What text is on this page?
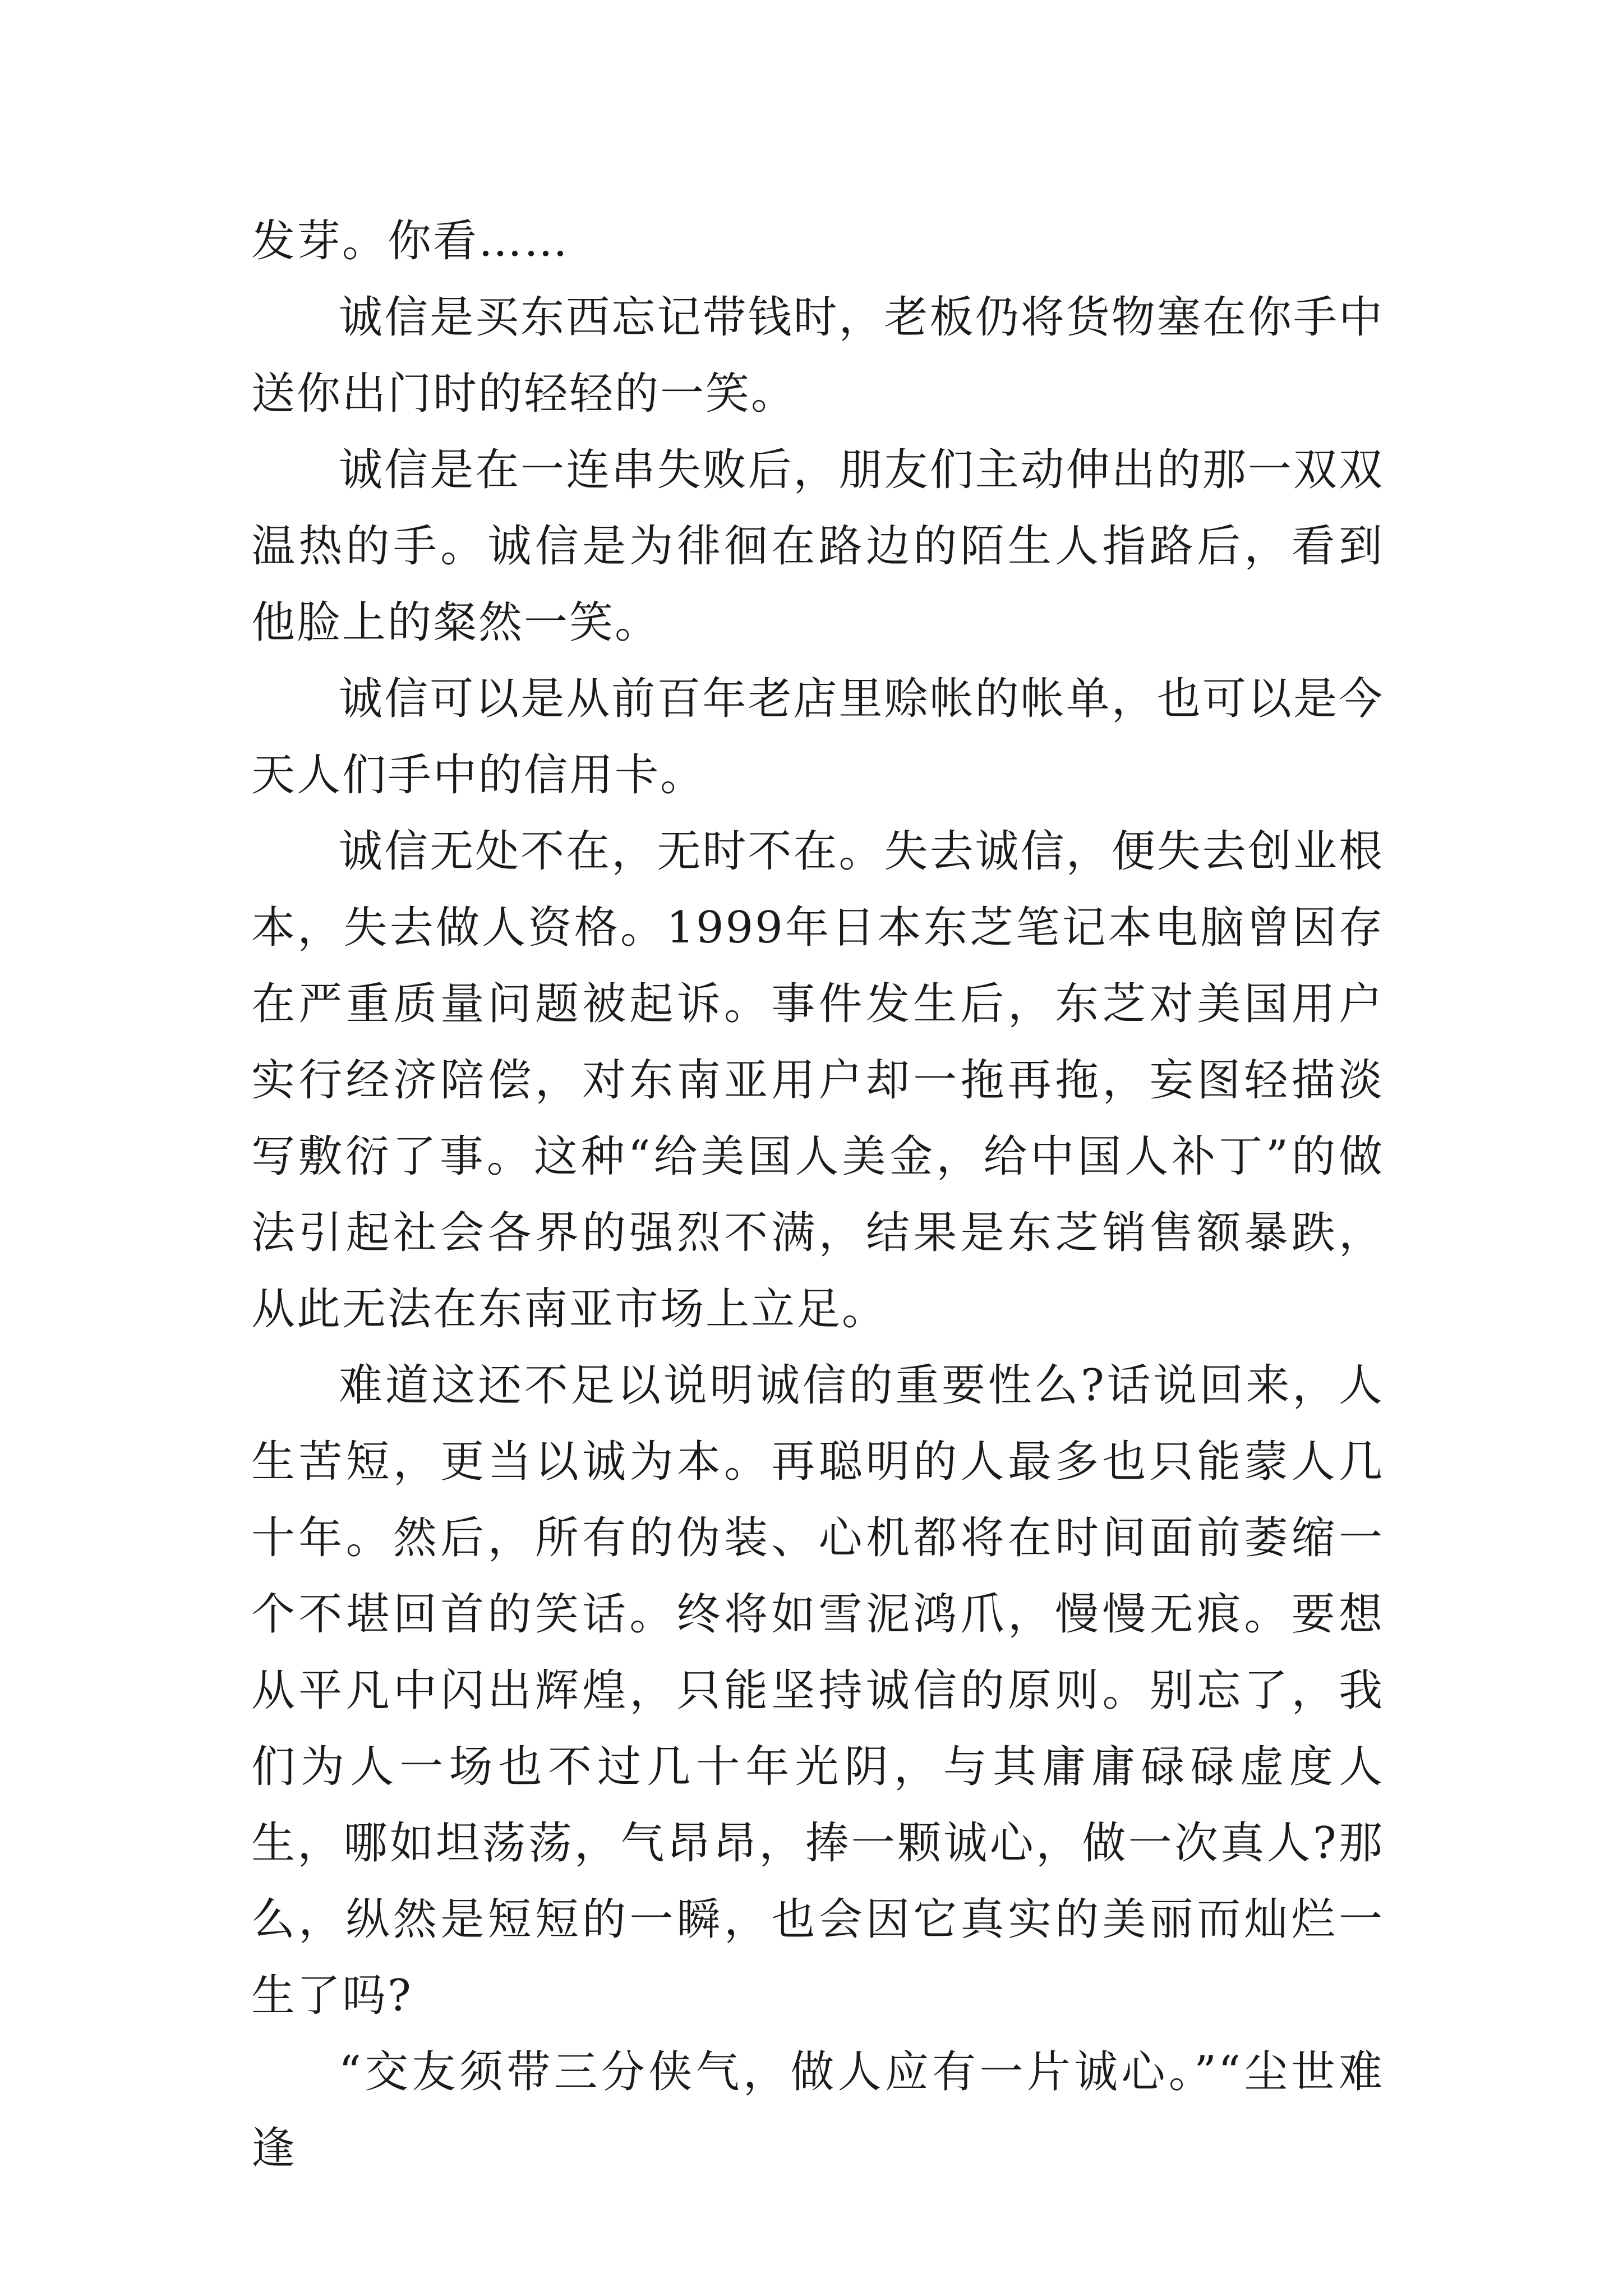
发芽。你看……

诚信是买东西忘记带钱时，老板仍将货物塞在你手中送你出门时的轻轻的一笑。

诚信是在一连串失败后，朋友们主动伸出的那一双双温热的手。诚信是为徘徊在路边的陌生人指路后，看到他脸上的粲然一笑。

诚信可以是从前百年老店里赊帐的帐单，也可以是今天人们手中的信用卡。

诚信无处不在，无时不在。失去诚信，便失去创业根本，失去做人资格。1999年日本东芝笔记本电脑曾因存在严重质量问题被起诉。事件发生后，东芝对美国用户实行经济陪偿，对东南亚用户却一拖再拖，妄图轻描淡写敷衍了事。这种“给美国人美金，给中国人补丁”的做法引起社会各界的强烈不满，结果是东芝销售额暴跌，从此无法在东南亚市场上立足。

难道这还不足以说明诚信的重要性么?话说回来，人生苦短，更当以诚为本。再聪明的人最多也只能蒙人几十年。然后，所有的伪装、心机都将在时间面前萎缩一个不堪回首的笑话。终将如雪泥鸿爪，慢慢无痕。要想从平凡中闪出辉煌，只能坚持诚信的原则。别忘了，我们为人一场也不过几十年光阴，与其庸庸碌碌虚度人生，哪如坦荡荡，气昂昂，捧一颗诚心，做一次真人?那么，纵然是短短的一瞬，也会因它真实的美丽而灿烂一生了吗?

“交友须带三分侠气，做人应有一片诚心。”“尘世难逢
